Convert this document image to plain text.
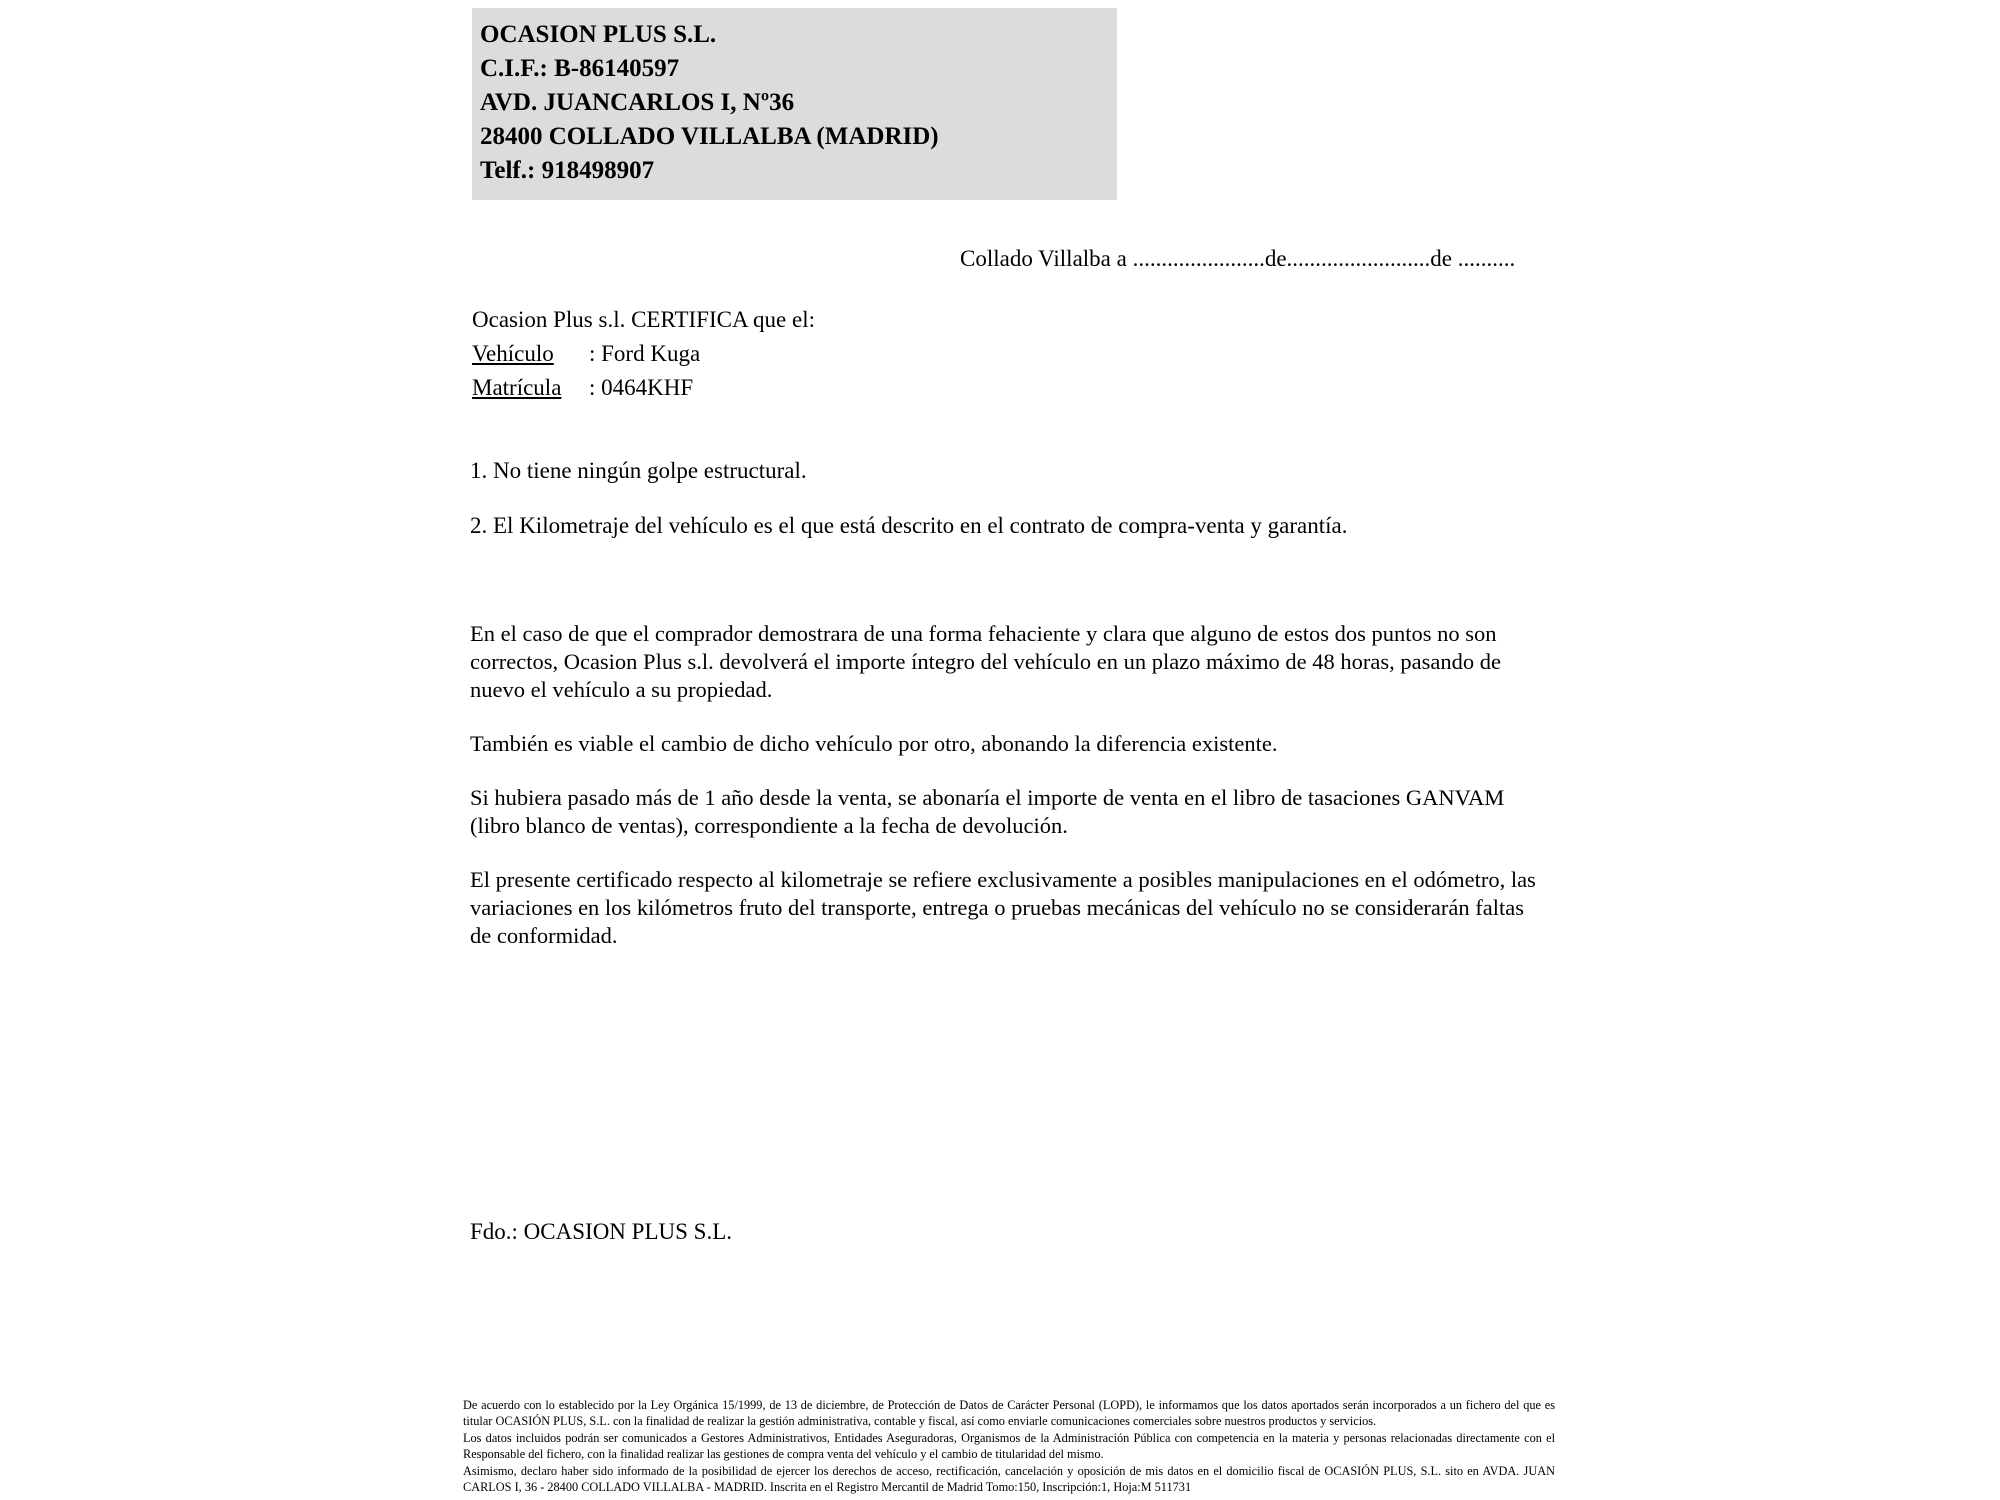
OCASION PLUS S.L.
C.I.F.: B-86140597
AVD. JUANCARLOS I, Nº36
28400 COLLADO VILLALBA (MADRID)
Telf.: 918498907
Collado Villalba a .......................de.........................de ..........
Ocasion Plus s.l. CERTIFICA que el:
Vehículo : Ford Kuga
Matrícula : 0464KHF
1. No tiene ningún golpe estructural.
2. El Kilometraje del vehículo es el que está descrito en el contrato de compra-venta y garantía.

En el caso de que el comprador demostrara de una forma fehaciente y clara que alguno de estos dos puntos no son correctos, Ocasion Plus s.l. devolverá el importe íntegro del vehículo en un plazo máximo de 48 horas, pasando de nuevo el vehículo a su propiedad.

También es viable el cambio de dicho vehículo por otro, abonando la diferencia existente.

Si hubiera pasado más de 1 año desde la venta, se abonaría el importe de venta en el libro de tasaciones GANVAM (libro blanco de ventas), correspondiente a la fecha de devolución.

El presente certificado respecto al kilometraje se refiere exclusivamente a posibles manipulaciones en el odómetro, las variaciones en los kilómetros fruto del transporte, entrega o pruebas mecánicas del vehículo no se considerarán faltas de conformidad.

Fdo.: OCASION PLUS S.L.
De acuerdo con lo establecido por la Ley Orgánica 15/1999, de 13 de diciembre, de Protección de Datos de Carácter Personal (LOPD), le informamos que los datos aportados serán incorporados a un fichero del que es titular OCASIÓN PLUS, S.L. con la finalidad de realizar la gestión administrativa, contable y fiscal, así como enviarle comunicaciones comerciales sobre nuestros productos y servicios.
Los datos incluidos podrán ser comunicados a Gestores Administrativos, Entidades Aseguradoras, Organismos de la Administración Pública con competencia en la materia y personas relacionadas directamente con el Responsable del fichero, con la finalidad realizar las gestiones de compra venta del vehículo y el cambio de titularidad del mismo.
Asimismo, declaro haber sido informado de la posibilidad de ejercer los derechos de acceso, rectificación, cancelación y oposición de mis datos en el domicilio fiscal de OCASIÓN PLUS, S.L. sito en AVDA. JUAN CARLOS I, 36 - 28400 COLLADO VILLALBA - MADRID. Inscrita en el Registro Mercantil de Madrid Tomo:150, Inscripción:1, Hoja:M 511731
